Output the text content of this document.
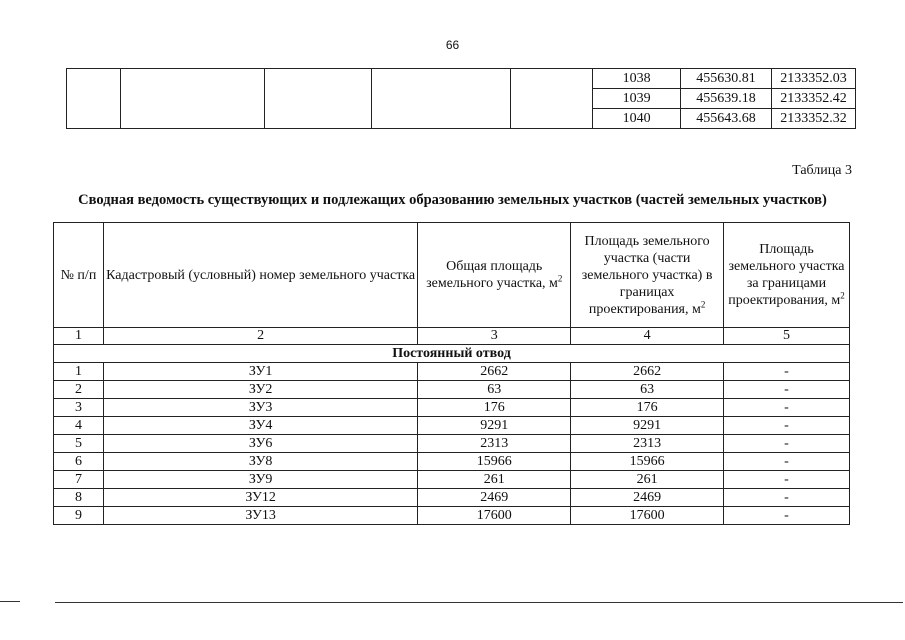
66
					1038	455630.81	2133352.03
					1039	455639.18	2133352.42
					1040	455643.68	2133352.32
Таблица 3
Сводная ведомость существующих и подлежащих образованию земельных участков (частей земельных участков)
№ п/п	Кадастровый (условный) номер земельного участка	Общая площадь земельного участка, $м^2$	Площадь земельного участка (части земельного участка) в границах проектирования, $м^2$	Площадь земельного участка за границами проектирования, $м^2$
1	2	3	4	5
Постоянный отвод				
1	ЗУ1	2662	2662	-
2	ЗУ2	63	63	-
3	ЗУ3	176	176	-
4	ЗУ4	9291	9291	-
5	ЗУ6	2313	2313	-
6	ЗУ8	15966	15966	-
7	ЗУ9	261	261	-
8	ЗУ12	2469	2469	-
9	ЗУ13	17600	17600	-
